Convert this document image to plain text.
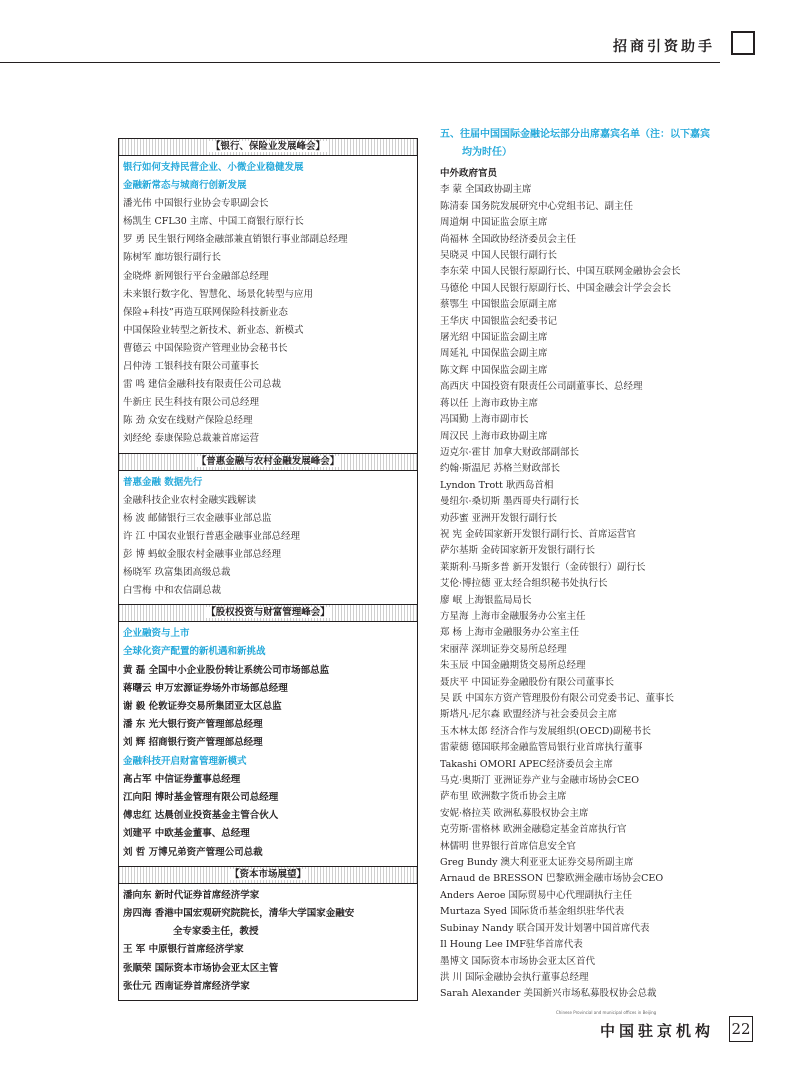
招商引资助手
【银行、保险业发展峰会】
银行如何支持民营企业、小微企业稳健发展
金融新常态与城商行创新发展
潘光伟 中国银行业协会专职副会长
杨凯生 CFL30 主席、中国工商银行原行长
罗 勇 民生银行网络金融部兼直销银行事业部副总经理
陈树军 廊坊银行副行长
金晓烨 新网银行平台金融部总经理
未来银行数字化、智慧化、场景化转型与应用
保险+科技”再造互联网保险科技新业态
中国保险业转型之新技术、新业态、新模式
曹德云 中国保险资产管理业协会秘书长
吕仲涛 工银科技有限公司董事长
雷 鸣 建信金融科技有限责任公司总裁
牛新庄 民生科技有限公司总经理
陈 劲 众安在线财产保险总经理
刘经纶 泰康保险总裁兼首席运营
【普惠金融与农村金融发展峰会】
普惠金融 数据先行
金融科技企业农村金融实践解读
杨 波 邮储银行三农金融事业部总监
许 江 中国农业银行普惠金融事业部总经理
彭 博 蚂蚁金服农村金融事业部总经理
杨晓军 玖富集团高级总裁
白雪梅 中和农信副总裁
【股权投资与财富管理峰会】
企业融资与上市
全球化资产配置的新机遇和新挑战
黄 磊 全国中小企业股份转让系统公司市场部总监
蒋曙云 申万宏源证券场外市场部总经理
谢 毅 伦敦证券交易所集团亚太区总监
潘 东 光大银行资产管理部总经理
刘 辉 招商银行资产管理部总经理
金融科技开启财富管理新模式
高占军 中信证券董事总经理
江向阳 博时基金管理有限公司总经理
傅忠红 达晨创业投资基金主管合伙人
刘建平 中欧基金董事、总经理
刘 哲 万博兄弟资产管理公司总裁
【资本市场展望】
潘向东 新时代证券首席经济学家
房四海 香港中国宏观研究院院长，清华大学国家金融安
全专家委主任，教授
王 军 中原银行首席经济学家
张顺荣 国际资本市场协会亚太区主管
张仕元 西南证券首席经济学家
五、往届中国国际金融论坛部分出席嘉宾名单（注：以下嘉宾
均为时任）
中外政府官员
李 蒙 全国政协副主席
陈清泰 国务院发展研究中心党组书记、副主任
周道炯 中国证监会原主席
尚福林 全国政协经济委员会主任
吴晓灵 中国人民银行副行长
李东荣 中国人民银行原副行长、中国互联网金融协会会长
马德伦 中国人民银行原副行长、中国金融会计学会会长
蔡鄂生 中国银监会原副主席
王华庆 中国银监会纪委书记
屠光绍 中国证监会副主席
周延礼 中国保监会副主席
陈文辉 中国保监会副主席
高西庆 中国投资有限责任公司副董事长、总经理
蒋以任 上海市政协主席
冯国勤 上海市副市长
周汉民 上海市政协副主席
迈克尔·霍甘 加拿大财政部副部长
约翰·斯温尼 苏格兰财政部长
Lyndon Trott 耿西岛首相
曼纽尔·桑切斯 墨西哥央行副行长
劝莎蜜 亚洲开发银行副行长
祝 宪 金砖国家新开发银行副行长、首席运营官
萨尔基斯 金砖国家新开发银行副行长
莱斯利·马斯多普 新开发银行（金砖银行）副行长
艾伦·博拉德 亚太经合组织秘书处执行长
廖 岷 上海银监局局长
方星海 上海市金融服务办公室主任
郑 杨 上海市金融服务办公室主任
宋丽萍 深圳证券交易所总经理
朱玉辰 中国金融期货交易所总经理
聂庆平 中国证券金融股份有限公司董事长
吴 跃 中国东方资产管理股份有限公司党委书记、董事长
斯塔凡·尼尔森 欧盟经济与社会委员会主席
玉木林太郎 经济合作与发展组织(OECD)副秘书长
雷蒙德 德国联邦金融监管局银行业首席执行董事
Takashi OMORI APEC经济委员会主席
马克·奥斯汀 亚洲证券产业与金融市场协会CEO
萨布里 欧洲数字货币协会主席
安妮·格拉芙 欧洲私募股权协会主席
克劳斯·雷格林 欧洲金融稳定基金首席执行官
林儒明 世界银行首席信息安全官
Greg Bundy 澳大利亚亚太证券交易所副主席
Arnaud de BRESSON 巴黎欧洲金融市场协会CEO
Anders Aeroe 国际贸易中心代理副执行主任
Murtaza Syed 国际货币基金组织驻华代表
Subinay Nandy 联合国开发计划署中国首席代表
Il Houng Lee IMF驻华首席代表
墨博文 国际资本市场协会亚太区首代
洪 川 国际金融协会执行董事总经理
Sarah Alexander 美国新兴市场私募股权协会总裁
Chinese Provincial and municipal offices in Beijing
中国驻京机构 22
